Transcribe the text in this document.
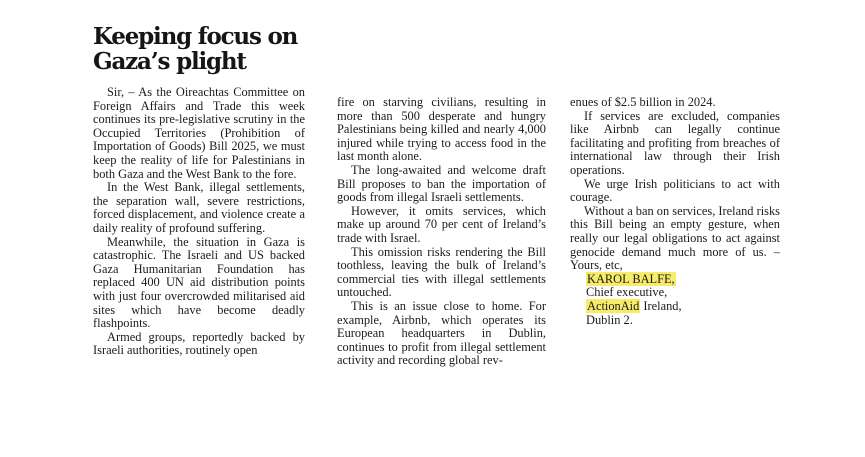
Keeping focus on
Gaza’s plight

Sir, – As the Oireachtas Committee on Foreign Affairs and Trade this week continues its pre-legislative scrutiny in the Occupied Territories (Prohibition of Importation of Goods) Bill 2025, we must keep the reality of life for Palestinians in both Gaza and the West Bank to the fore.

In the West Bank, illegal settlements, the separation wall, severe restrictions, forced displacement, and violence create a daily reality of profound suffering.

Meanwhile, the situation in Gaza is catastrophic. The Israeli and US backed Gaza Humanitarian Foundation has replaced 400 UN aid distribution points with just four overcrowded militarised aid sites which have become deadly flashpoints.

Armed groups, reportedly backed by Israeli authorities, routinely open

fire on starving civilians, resulting in more than 500 desperate and hungry Palestinians being killed and nearly 4,000 injured while trying to access food in the last month alone.

The long-awaited and welcome draft Bill proposes to ban the importation of goods from illegal Israeli settlements.

However, it omits services, which make up around 70 per cent of Ireland’s trade with Israel.

This omission risks rendering the Bill toothless, leaving the bulk of Ireland’s commercial ties with illegal settlements untouched.

This is an issue close to home. For example, Airbnb, which operates its European headquarters in Dublin, continues to profit from illegal settlement activity and recording global rev-

enues of $2.5 billion in 2024.

If services are excluded, companies like Airbnb can legally continue facilitating and profiting from breaches of international law through their Irish operations.

We urge Irish politicians to act with courage.

Without a ban on services, Ireland risks this Bill being an empty gesture, when really our legal obligations to act against genocide demand much more of us. – Yours, etc,

KAROL BALFE,
Chief executive,
ActionAid Ireland,
Dublin 2.
